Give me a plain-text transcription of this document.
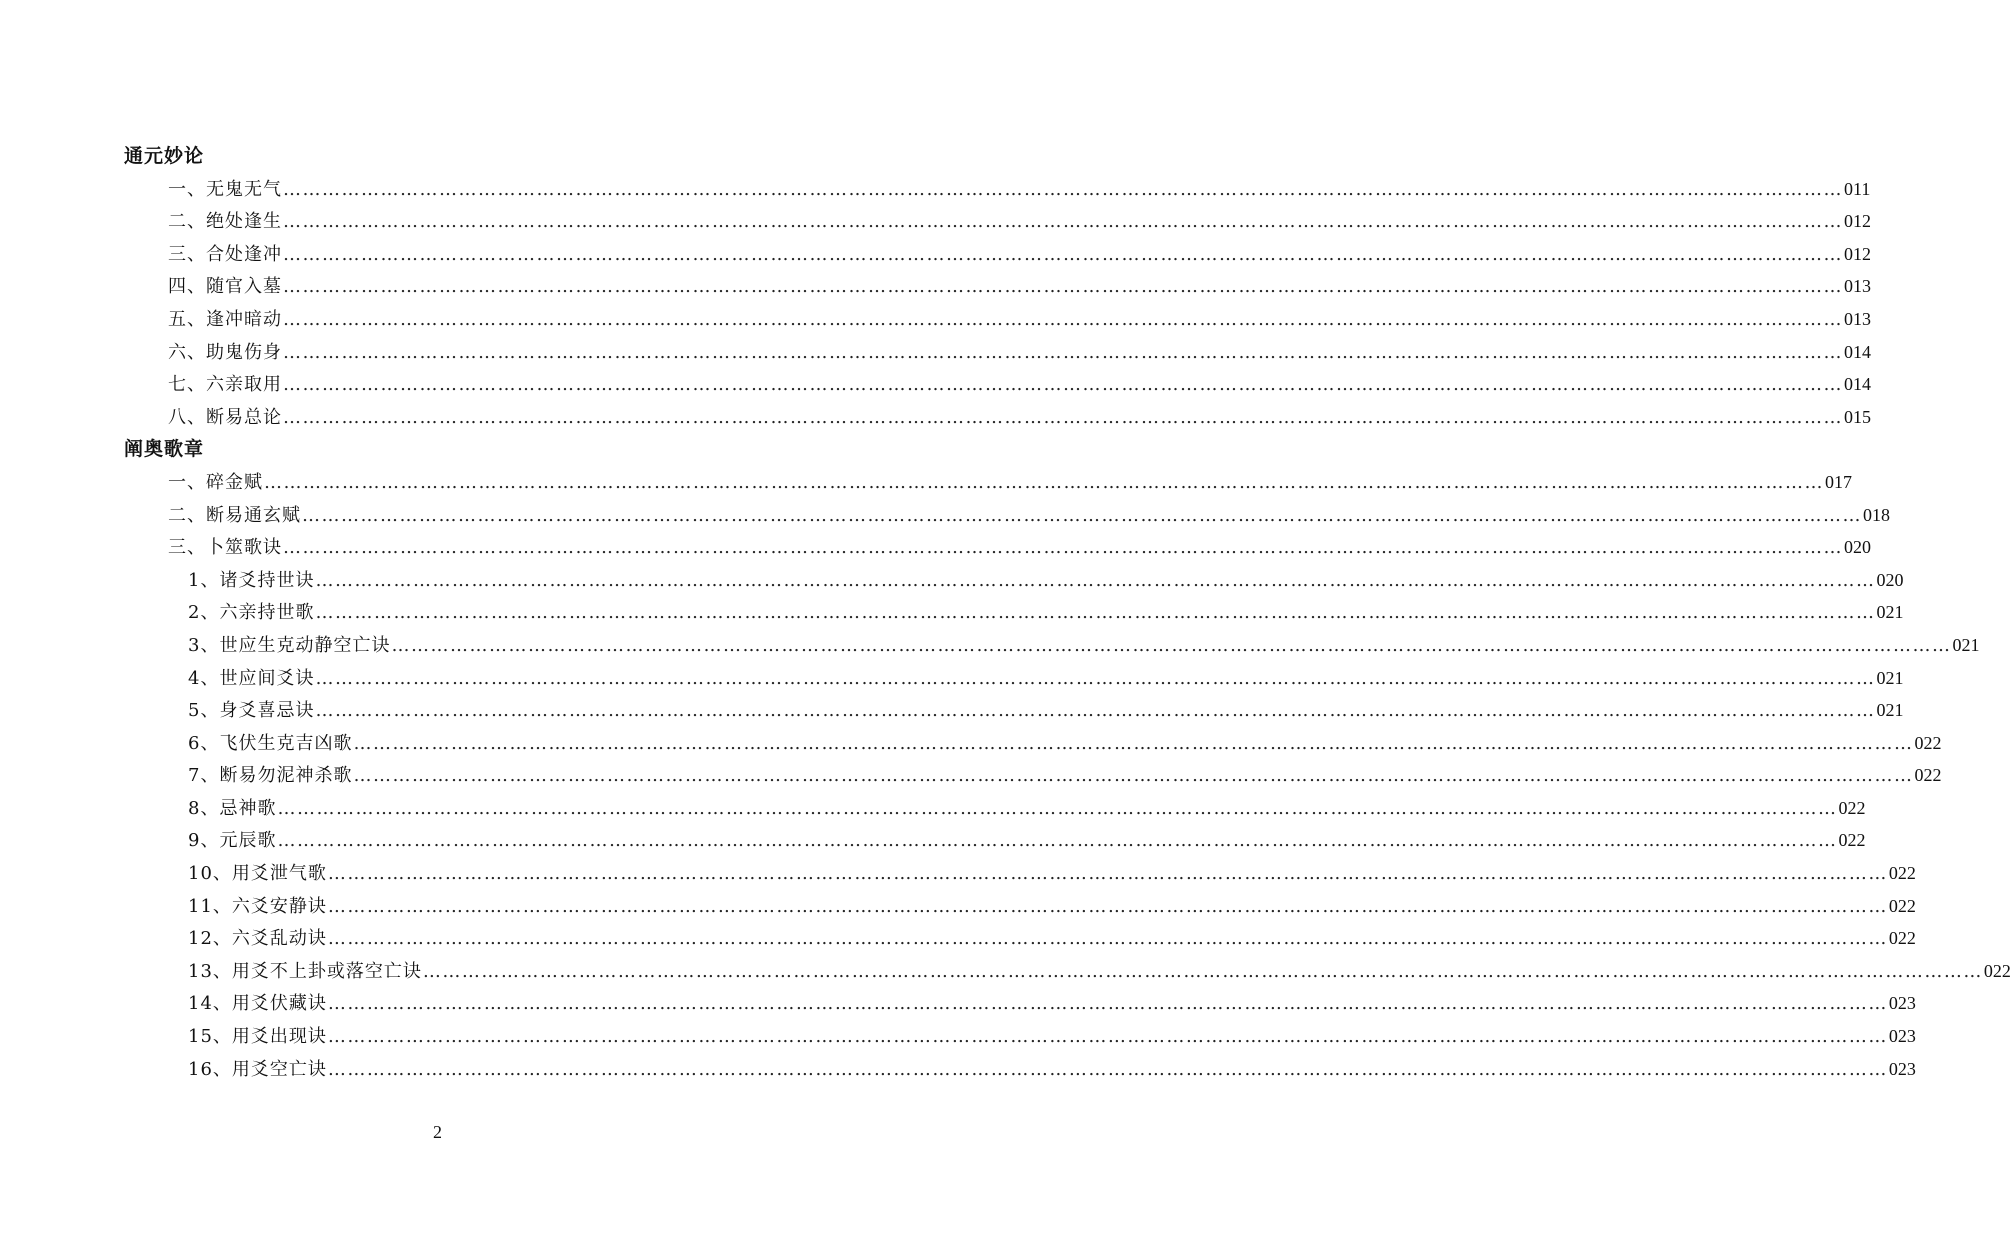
通元妙论
一、无鬼无气 …………………………………………………………………………………………………………………………………………………………………………………………………………………… 011
二、绝处逢生 …………………………………………………………………………………………………………………………………………………………………………………………………………………… 012
三、合处逢冲 …………………………………………………………………………………………………………………………………………………………………………………………………………………… 012
四、随官入墓 …………………………………………………………………………………………………………………………………………………………………………………………………………………… 013
五、逢冲暗动 …………………………………………………………………………………………………………………………………………………………………………………………………………………… 013
六、助鬼伤身 …………………………………………………………………………………………………………………………………………………………………………………………………………………… 014
七、六亲取用 …………………………………………………………………………………………………………………………………………………………………………………………………………………… 014
八、断易总论 …………………………………………………………………………………………………………………………………………………………………………………………………………………… 015
阐奥歌章
一、碎金赋 …………………………………………………………………………………………………………………………………………………………………………………………………………………… 017
二、断易通玄赋 …………………………………………………………………………………………………………………………………………………………………………………………………………………… 018
三、卜筮歌诀 …………………………………………………………………………………………………………………………………………………………………………………………………………………… 020
1、诸爻持世诀 …………………………………………………………………………………………………………………………………………………………………………………………………………………… 020
2、六亲持世歌 …………………………………………………………………………………………………………………………………………………………………………………………………………………… 021
3、世应生克动静空亡诀 …………………………………………………………………………………………………………………………………………………………………………………………………………………… 021
4、世应间爻诀 …………………………………………………………………………………………………………………………………………………………………………………………………………………… 021
5、身爻喜忌诀 …………………………………………………………………………………………………………………………………………………………………………………………………………………… 021
6、飞伏生克吉凶歌 …………………………………………………………………………………………………………………………………………………………………………………………………………………… 022
7、断易勿泥神杀歌 …………………………………………………………………………………………………………………………………………………………………………………………………………………… 022
8、忌神歌 …………………………………………………………………………………………………………………………………………………………………………………………………………………… 022
9、元辰歌 …………………………………………………………………………………………………………………………………………………………………………………………………………………… 022
10、用爻泄气歌 …………………………………………………………………………………………………………………………………………………………………………………………………………………… 022
11、六爻安静诀 …………………………………………………………………………………………………………………………………………………………………………………………………………………… 022
12、六爻乱动诀 …………………………………………………………………………………………………………………………………………………………………………………………………………………… 022
13、用爻不上卦或落空亡诀 …………………………………………………………………………………………………………………………………………………………………………………………………………………… 022
14、用爻伏藏诀 …………………………………………………………………………………………………………………………………………………………………………………………………………………… 023
15、用爻出现诀 …………………………………………………………………………………………………………………………………………………………………………………………………………………… 023
16、用爻空亡诀 …………………………………………………………………………………………………………………………………………………………………………………………………………………… 023
2
